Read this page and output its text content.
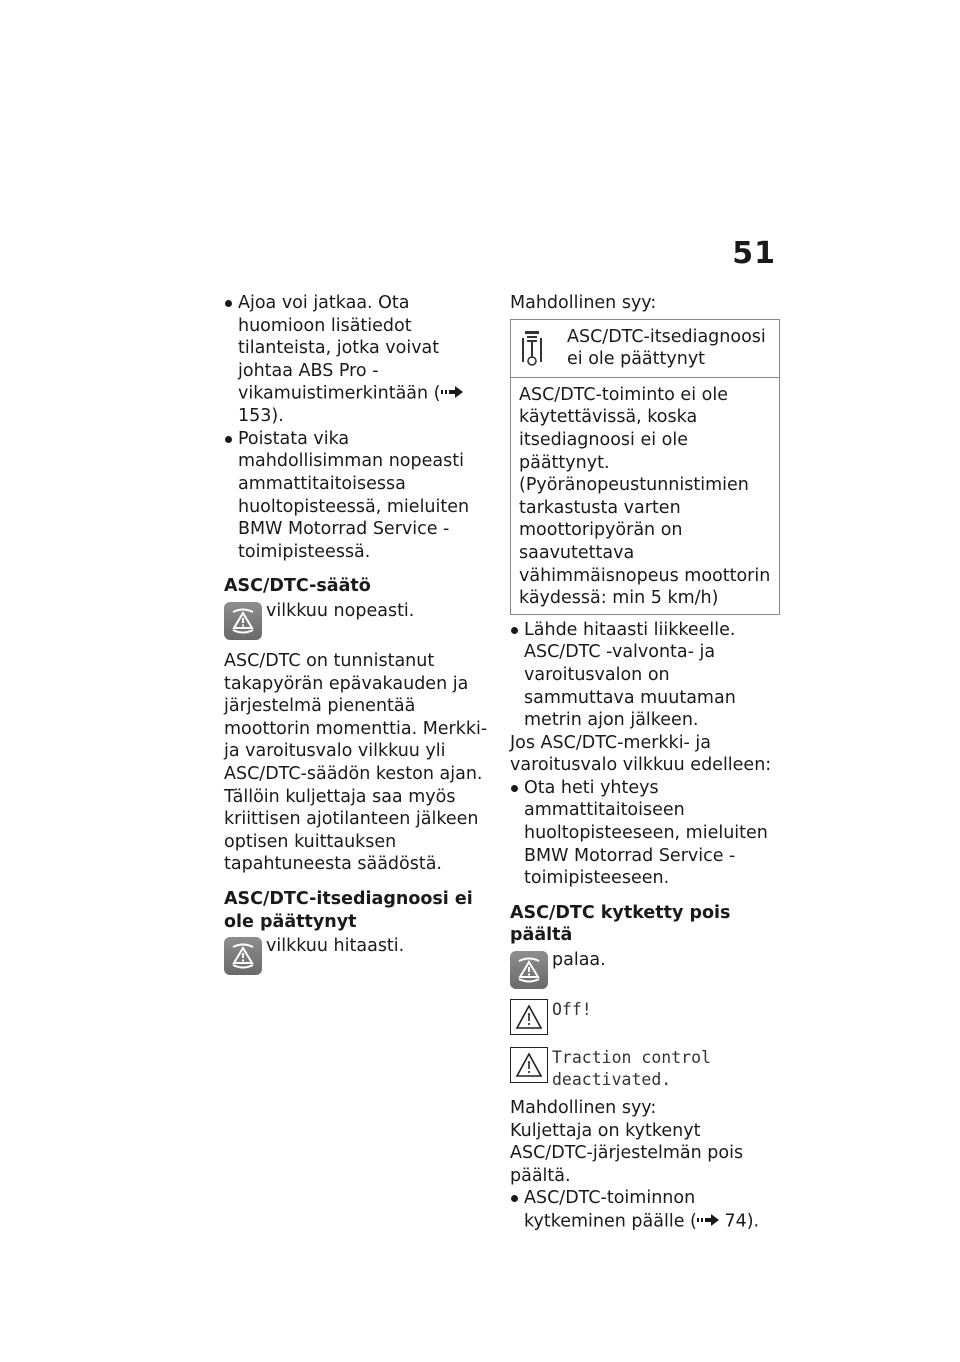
51
Ajoa voi jatkaa. Ota huomioon lisätiedot tilanteista, jotka voivat johtaa ABS Pro -vikamuistimerkintään ( 153).
Poistata vika mahdollisimman nopeasti ammattitaitoisessa huoltopisteessä, mieluiten BMW Motorrad Service -toimipisteessä.

ASC/DTC-säätö

vilkkuu nopeasti.

ASC/DTC on tunnistanut takapyörän epävakauden ja järjestelmä pienentää moottorin momenttia. Merkki- ja varoitusvalo vilkkuu yli ASC/DTC-säädön keston ajan. Tällöin kuljettaja saa myös kriittisen ajotilanteen jälkeen optisen kuittauksen tapahtuneesta säädöstä.

ASC/DTC-itsediagnoosi ei ole päättynyt

vilkkuu hitaasti.

Mahdollinen syy:

ASC/DTC-itsediagnoosi ei ole päättynyt
ASC/DTC-toiminto ei ole käytettävissä, koska itsediagnoosi ei ole päättynyt. (Pyöränopeustunnistimien tarkastusta varten moottoripyörän on saavutettava vähimmäisnopeus moottorin käydessä: min 5 km/h)
Lähde hitaasti liikkeelle. ASC/DTC -valvonta- ja varoitusvalon on sammuttava muutaman metrin ajon jälkeen.

Jos ASC/DTC-merkki- ja varoitusvalo vilkkuu edelleen:

Ota heti yhteys ammattitaitoiseen huoltopisteeseen, mieluiten BMW Motorrad Service -toimipisteeseen.

ASC/DTC kytketty pois päältä

palaa.
Off!
Traction control deactivated.

Mahdollinen syy:

Kuljettaja on kytkenyt ASC/DTC-järjestelmän pois päältä.

ASC/DTC-toiminnon kytkeminen päälle ( 74).
